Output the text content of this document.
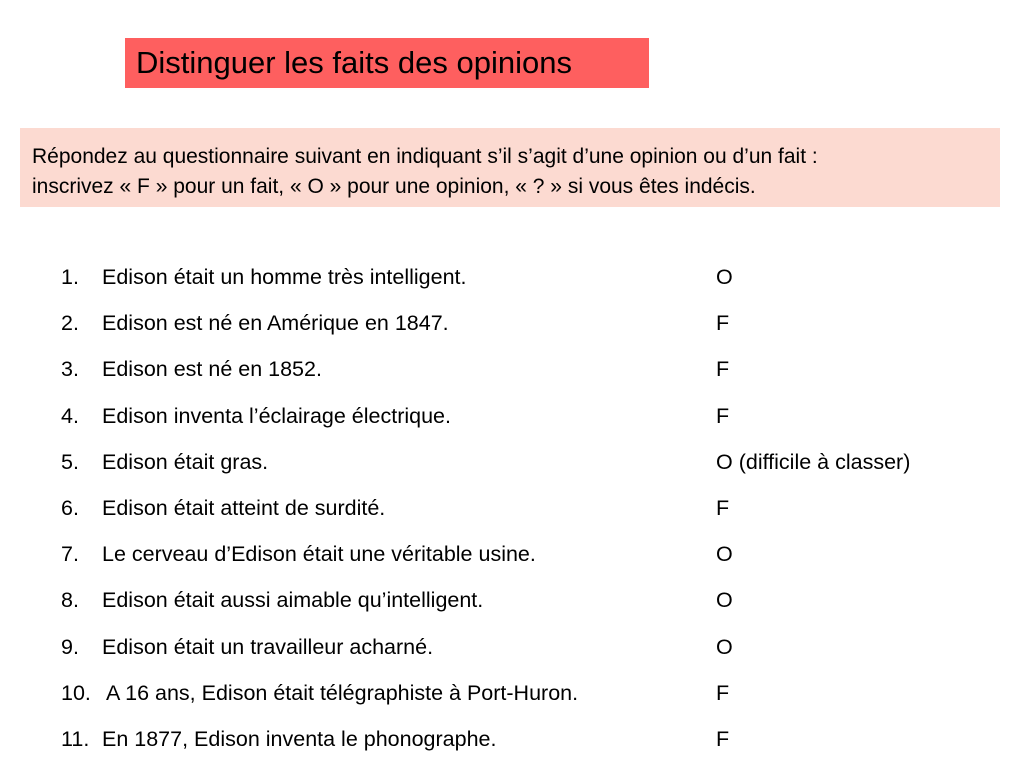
Distinguer les faits des opinions
Répondez au questionnaire suivant en indiquant s’il s’agit d’une opinion ou d’un fait :
inscrivez « F » pour un fait, « O » pour une opinion, « ? » si vous êtes indécis.
1. Edison était un homme très intelligent.	O
2. Edison est né en Amérique en 1847.	F
3. Edison est né en 1852.	F
4. Edison inventa l’éclairage électrique.	F
5. Edison était gras.	O (difficile à classer)
6. Edison était atteint de surdité.	F
7. Le cerveau d’Edison était une véritable usine.	O
8. Edison était aussi aimable qu’intelligent.	O
9. Edison était un travailleur acharné.	O
10. A 16 ans, Edison était télégraphiste à Port-Huron.	F
11. En 1877, Edison inventa le phonographe.	F
